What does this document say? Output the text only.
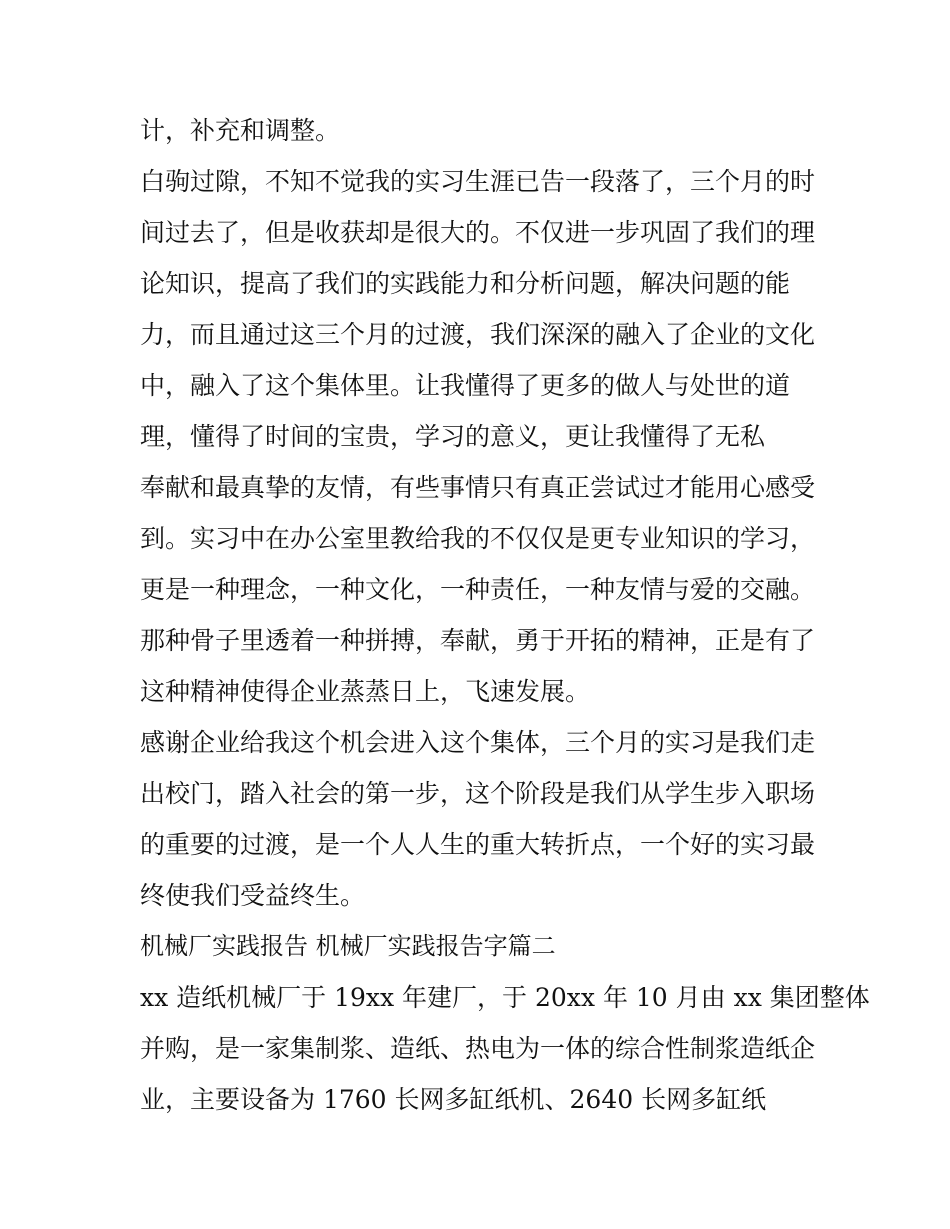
计，补充和调整。
白驹过隙，不知不觉我的实习生涯已告一段落了，三个月的时
间过去了，但是收获却是很大的。不仅进一步巩固了我们的理
论知识，提高了我们的实践能力和分析问题，解决问题的能
力，而且通过这三个月的过渡，我们深深的融入了企业的文化
中，融入了这个集体里。让我懂得了更多的做人与处世的道
理，懂得了时间的宝贵，学习的意义，更让我懂得了无私
奉献和最真挚的友情，有些事情只有真正尝试过才能用心感受
到。实习中在办公室里教给我的不仅仅是更专业知识的学习，
更是一种理念，一种文化，一种责任，一种友情与爱的交融。
那种骨子里透着一种拼搏，奉献，勇于开拓的精神，正是有了
这种精神使得企业蒸蒸日上，飞速发展。
感谢企业给我这个机会进入这个集体，三个月的实习是我们走
出校门，踏入社会的第一步，这个阶段是我们从学生步入职场
的重要的过渡，是一个人人生的重大转折点，一个好的实习最
终使我们受益终生。
机械厂实践报告 机械厂实践报告字篇二
xx 造纸机械厂于 19xx 年建厂，于 20xx 年 10 月由 xx 集团整体
并购，是一家集制浆、造纸、热电为一体的综合性制浆造纸企
业，主要设备为 1760 长网多缸纸机、2640 长网多缸纸
